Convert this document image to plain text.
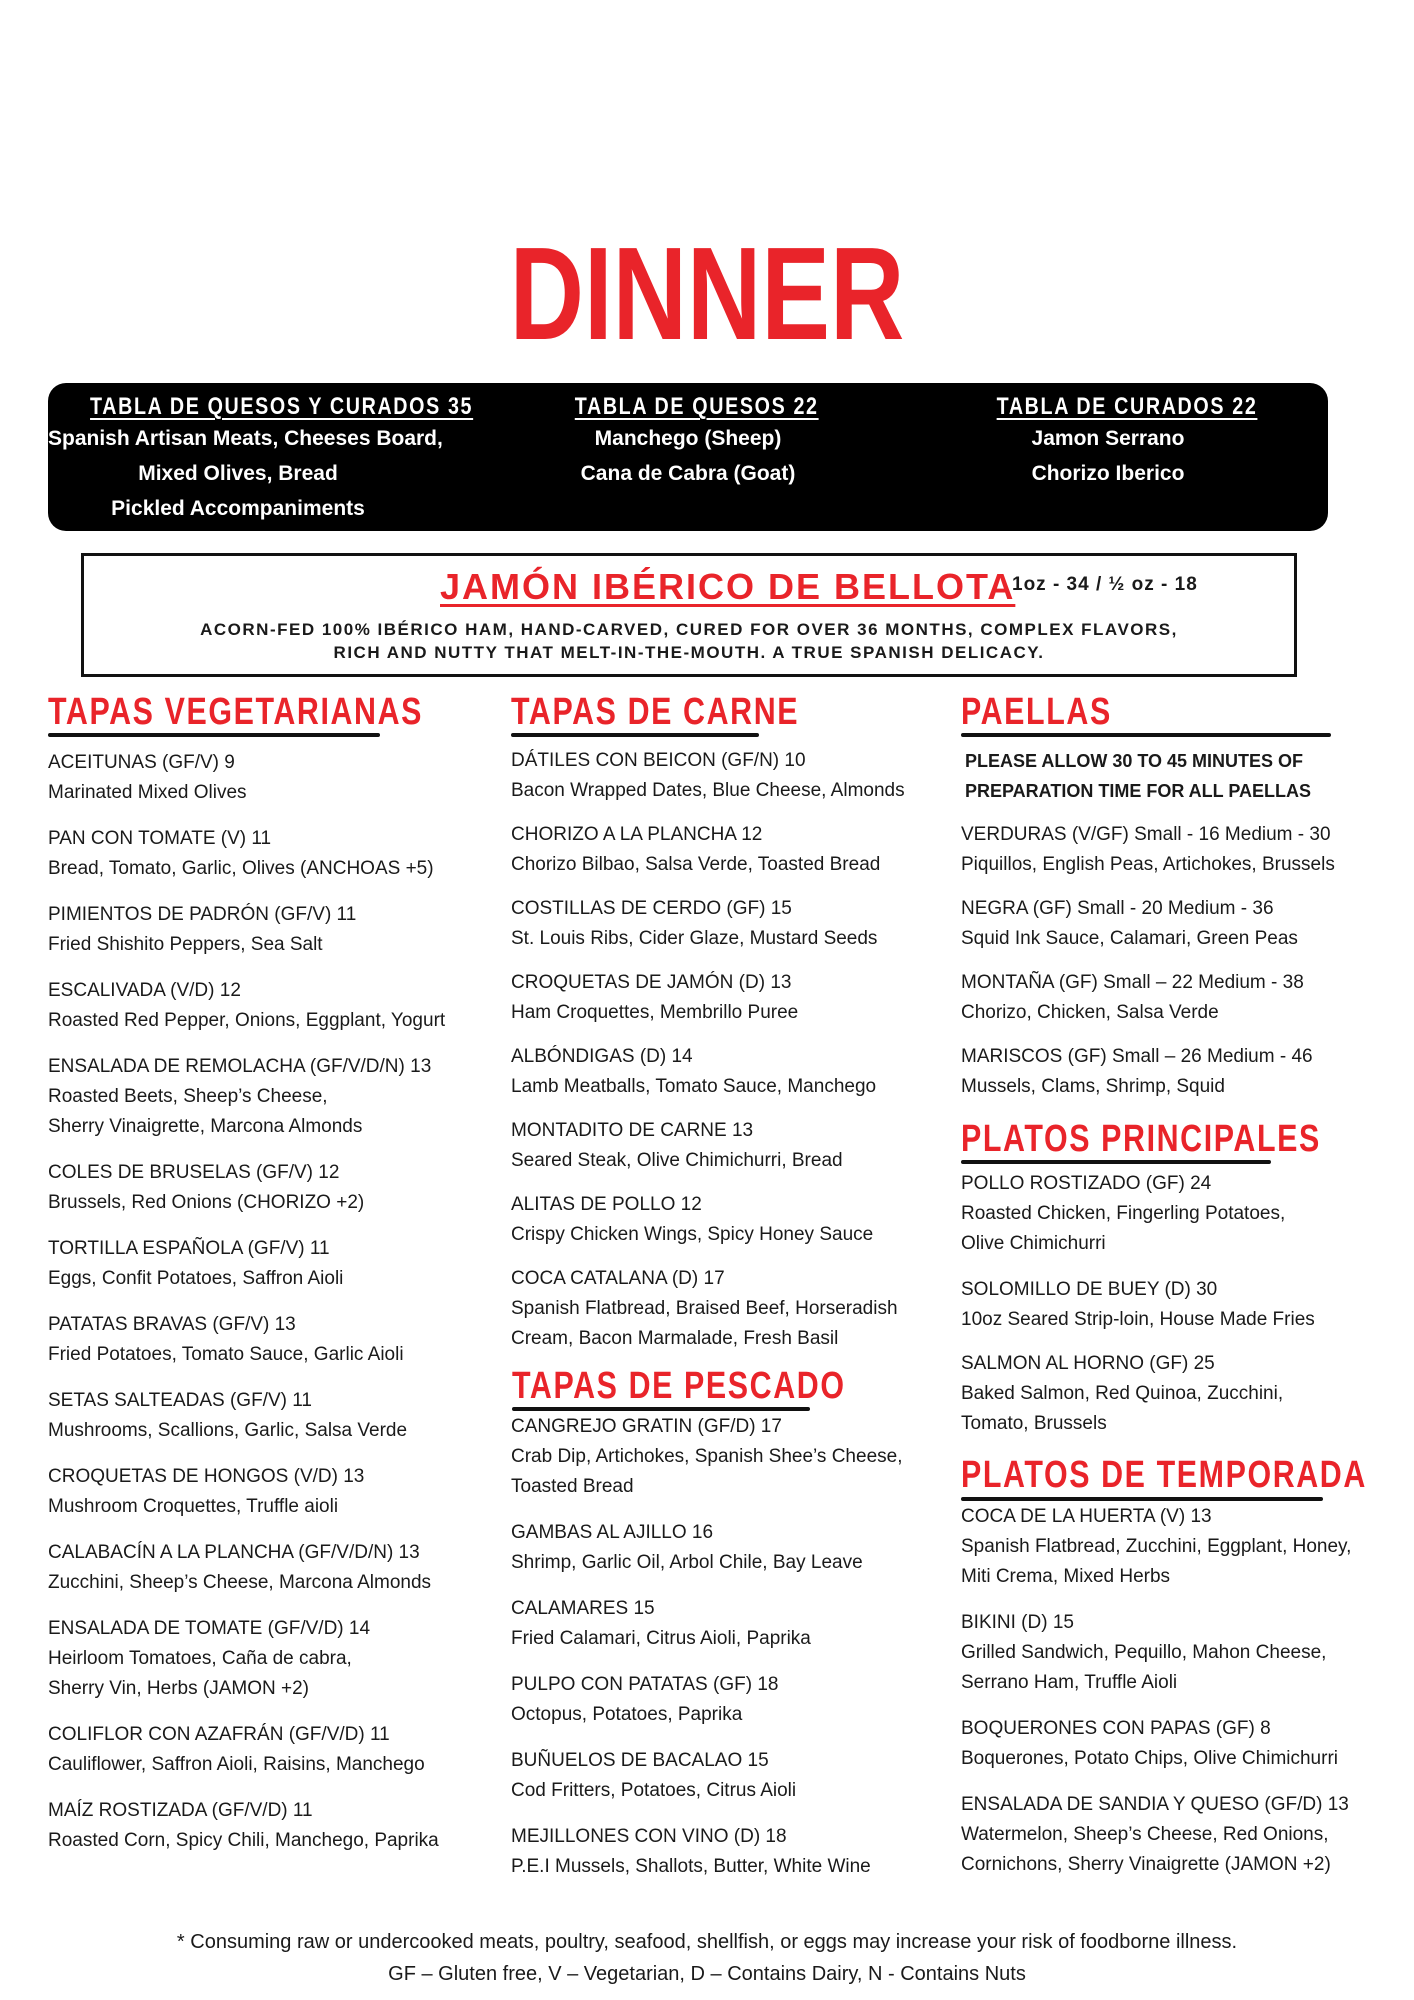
DINNER
TABLA DE QUESOS Y CURADOS 35
Spanish Artisan Meats, Cheeses Board,
Mixed Olives, Bread
Pickled Accompaniments
TABLA DE QUESOS 22
Manchego (Sheep)
Cana de Cabra (Goat)
TABLA DE CURADOS 22
Jamon Serrano
Chorizo Iberico
JAMÓN IBÉRICO DE BELLOTA
1oz - 34 / ½ oz - 18
ACORN-FED 100% IBÉRICO HAM, HAND-CARVED, CURED FOR OVER 36 MONTHS, COMPLEX FLAVORS,
RICH AND NUTTY THAT MELT-IN-THE-MOUTH. A TRUE SPANISH DELICACY.
TAPAS VEGETARIANAS TAPAS DE CARNE	PAELLAS
TAPAS DE PESCADO
PLATOS PRINCIPALES
PLATOS DE TEMPORADA
PLEASE ALLOW 30 TO 45 MINUTES OF
PREPARATION TIME FOR ALL PAELLAS
ACEITUNAS (GF/V) 9
Marinated Mixed Olives
PAN CON TOMATE (V) 11
Bread, Tomato, Garlic, Olives (ANCHOAS +5)
PIMIENTOS DE PADRÓN (GF/V) 11
Fried Shishito Peppers, Sea Salt
ESCALIVADA (V/D) 12
Roasted Red Pepper, Onions, Eggplant, Yogurt
ENSALADA DE REMOLACHA (GF/V/D/N) 13
Roasted Beets, Sheep’s Cheese,
Sherry Vinaigrette, Marcona Almonds
COLES DE BRUSELAS (GF/V) 12
Brussels, Red Onions (CHORIZO +2)
TORTILLA ESPAÑOLA (GF/V) 11
Eggs, Confit Potatoes, Saffron Aioli
PATATAS BRAVAS (GF/V) 13
Fried Potatoes, Tomato Sauce, Garlic Aioli
SETAS SALTEADAS (GF/V) 11
Mushrooms, Scallions, Garlic, Salsa Verde
CROQUETAS DE HONGOS (V/D) 13
Mushroom Croquettes, Truffle aioli
CALABACÍN A LA PLANCHA (GF/V/D/N) 13
Zucchini, Sheep’s Cheese, Marcona Almonds
ENSALADA DE TOMATE (GF/V/D) 14
Heirloom Tomatoes, Caña de cabra,
Sherry Vin, Herbs (JAMON +2)
COLIFLOR CON AZAFRÁN (GF/V/D) 11
Cauliflower, Saffron Aioli, Raisins, Manchego
MAÍZ ROSTIZADA (GF/V/D) 11
Roasted Corn, Spicy Chili, Manchego, Paprika
DÁTILES CON BEICON (GF/N) 10
Bacon Wrapped Dates, Blue Cheese, Almonds
CHORIZO A LA PLANCHA 12
Chorizo Bilbao, Salsa Verde, Toasted Bread
COSTILLAS DE CERDO (GF) 15
St. Louis Ribs, Cider Glaze, Mustard Seeds
CROQUETAS DE JAMÓN (D) 13
Ham Croquettes, Membrillo Puree
ALBÓNDIGAS (D) 14
Lamb Meatballs, Tomato Sauce, Manchego
MONTADITO DE CARNE 13
Seared Steak, Olive Chimichurri, Bread
ALITAS DE POLLO 12
Crispy Chicken Wings, Spicy Honey Sauce
COCA CATALANA (D) 17
Spanish Flatbread, Braised Beef, Horseradish
Cream, Bacon Marmalade, Fresh Basil
CANGREJO GRATIN (GF/D) 17
Crab Dip, Artichokes, Spanish Shee’s Cheese,
Toasted Bread
GAMBAS AL AJILLO 16
Shrimp, Garlic Oil, Arbol Chile, Bay Leave
CALAMARES 15
Fried Calamari, Citrus Aioli, Paprika
PULPO CON PATATAS (GF) 18
Octopus, Potatoes, Paprika
BUÑUELOS DE BACALAO 15
Cod Fritters, Potatoes, Citrus Aioli
MEJILLONES CON VINO (D) 18
P.E.I Mussels, Shallots, Butter, White Wine
VERDURAS (V/GF) Small - 16 Medium - 30
Piquillos, English Peas, Artichokes, Brussels
NEGRA (GF) Small - 20 Medium - 36
Squid Ink Sauce, Calamari, Green Peas
MONTAÑA (GF) Small – 22 Medium - 38
Chorizo, Chicken, Salsa Verde
MARISCOS (GF) Small – 26 Medium - 46
Mussels, Clams, Shrimp, Squid
POLLO ROSTIZADO (GF) 24
Roasted Chicken, Fingerling Potatoes,
Olive Chimichurri
SOLOMILLO DE BUEY (D) 30
10oz Seared Strip-loin, House Made Fries
SALMON AL HORNO (GF) 25
Baked Salmon, Red Quinoa, Zucchini,
Tomato, Brussels
COCA DE LA HUERTA (V) 13
Spanish Flatbread, Zucchini, Eggplant, Honey,
Miti Crema, Mixed Herbs
BIKINI (D) 15
Grilled Sandwich, Pequillo, Mahon Cheese,
Serrano Ham, Truffle Aioli
BOQUERONES CON PAPAS (GF) 8
Boquerones, Potato Chips, Olive Chimichurri
ENSALADA DE SANDIA Y QUESO (GF/D) 13
Watermelon, Sheep’s Cheese, Red Onions,
Cornichons, Sherry Vinaigrette (JAMON +2)
* Consuming raw or undercooked meats, poultry, seafood, shellfish, or eggs may increase your risk of foodborne illness.
GF – Gluten free, V – Vegetarian, D – Contains Dairy, N - Contains Nuts
